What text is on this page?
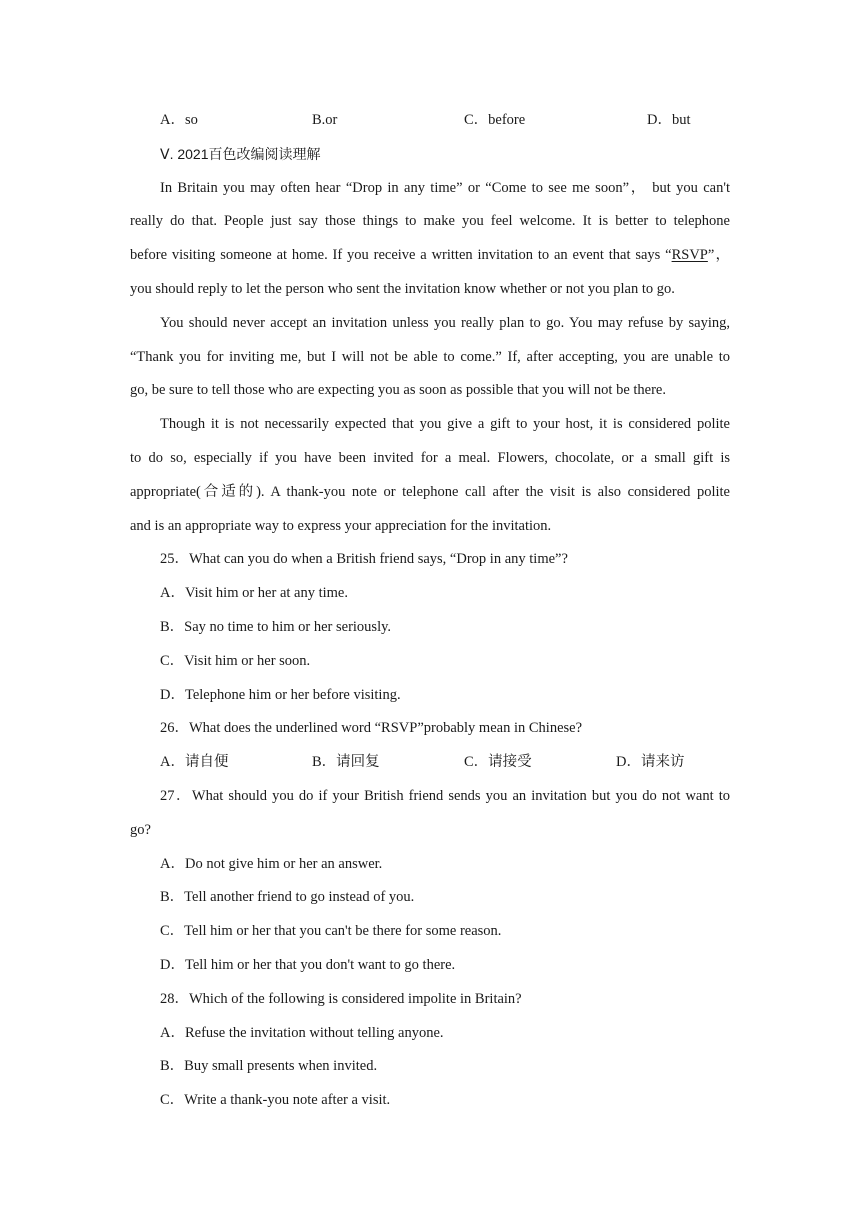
A．so	B.or	C．before	D．but
Ⅴ. 2021百色改编阅读理解
In Britain you may often hear “Drop in any time” or “Come to see me soon”， but you can't
really do that. People just say those things to make you feel welcome. It is better to telephone
before visiting someone at home. If you receive a written invitation to an event that says “RSVP”，
you should reply to let the person who sent the invitation know whether or not you plan to go.
You should never accept an invitation unless you really plan to go. You may refuse by saying,
“Thank you for inviting me, but I will not be able to come.” If, after accepting, you are unable to
go, be sure to tell those who are expecting you as soon as possible that you will not be there.
Though it is not necessarily expected that you give a gift to your host, it is considered polite
to do so, especially if you have been invited for a meal. Flowers, chocolate, or a small gift is
appropriate(合适的). A thank-you note or telephone call after the visit is also considered polite
and is an appropriate way to express your appreciation for the invitation.
25．What can you do when a British friend says, “Drop in any time”?
A．Visit him or her at any time.
B．Say no time to him or her seriously.
C．Visit him or her soon.
D．Telephone him or her before visiting.
26．What does the underlined word “RSVP”probably mean in Chinese?
A．请自便	B．请回复	C．请接受	D．请来访
27．What should you do if your British friend sends you an invitation but you do not want to
go?
A．Do not give him or her an answer.
B．Tell another friend to go instead of you.
C．Tell him or her that you can't be there for some reason.
D．Tell him or her that you don't want to go there.
28．Which of the following is considered impolite in Britain?
A．Refuse the invitation without telling anyone.
B．Buy small presents when invited.
C．Write a thank-you note after a visit.
